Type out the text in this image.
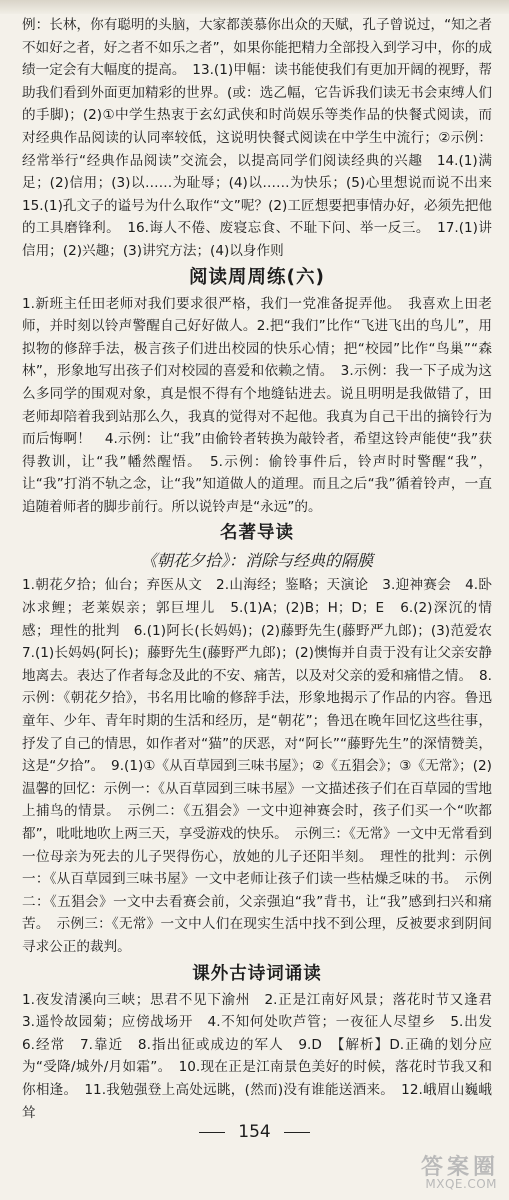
例：长林，你有聪明的头脑，大家都羡慕你出众的天赋，孔子曾说过，“知之者不如好之者，好之者不如乐之者”，如果你能把精力全部投入到学习中，你的成绩一定会有大幅度的提高。　13.(1)甲幅：读书能使我们有更加开阔的视野，帮助我们看到外面更加精彩的世界。(或：选乙幅，它告诉我们读无书会束缚人们的手脚)；(2)①中学生热衷于玄幻武侠和时尚娱乐等类作品的快餐式阅读，而对经典作品阅读的认同率较低，这说明快餐式阅读在中学生中流行；②示例：经常举行“经典作品阅读”交流会，以提高同学们阅读经典的兴趣　14.(1)满足；(2)信用；(3)以……为耻辱；(4)以……为快乐；(5)心里想说而说不出来　15.(1)孔文子的谥号为什么取作“文”呢？(2)工匠想要把事情办好，必须先把他的工具磨锋利。　16.诲人不倦、废寝忘食、不耻下问、举一反三。　17.(1)讲信用；(2)兴趣；(3)讲究方法；(4)以身作则

阅读周周练(六)

1.新班主任田老师对我们要求很严格，我们一党准备捉弄他。　我喜欢上田老师，并时刻以铃声警醒自己好好做人。2.把“我们”比作“飞进飞出的鸟儿”，用拟物的修辞手法，极言孩子们进出校园的快乐心情；把“校园”比作“鸟巢”“森林”，形象地写出孩子们对校园的喜爱和依赖之情。　3.示例：我一下子成为这么多同学的围观对象，真是恨不得有个地缝钻进去。说且明明是我做错了，田老师却陪着我到站那么久，我真的觉得对不起他。我真为自己干出的摘铃行为而后悔啊！　4.示例：让“我”由偷铃者转换为敲铃者，希望这铃声能使“我”获得教训，让“我”幡然醒悟。　5.示例：偷铃事件后，铃声时时警醒“我”，让“我”打消不轨之念，让“我”知道做人的道理。而且之后“我”循着铃声，一直追随着师者的脚步前行。所以说铃声是“永远”的。

名著导读

《朝花夕拾》：消除与经典的隔膜

1.朝花夕拾；仙台；弃医从文　2.山海经；鉴略；天演论　3.迎神赛会　4.卧冰求鲤；老莱娱亲；郭巨埋儿　5.(1)A；(2)B；H；D；E　6.(2)深沉的情感；理性的批判　6.(1)阿长(长妈妈)；(2)藤野先生(藤野严九郎)；(3)范爱农　7.(1)长妈妈(阿长)；藤野先生(藤野严九郎)；(2)懊悔并自责于没有让父亲安静地离去。表达了作者每念及此的不安、痛苦，以及对父亲的爱和痛惜之情。　8.示例：《朝花夕拾》，书名用比喻的修辞手法，形象地揭示了作品的内容。鲁迅童年、少年、青年时期的生活和经历，是“朝花”；鲁迅在晚年回忆这些往事，抒发了自己的情思，如作者对“猫”的厌恶，对“阿长”“藤野先生”的深情赞美，这是“夕拾”。　9.(1)①《从百草园到三味书屋》；②《五猖会》；③《无常》；(2)温馨的回忆：示例一：《从百草园到三味书屋》一文描述孩子们在百草园的雪地上捕鸟的情景。　示例二：《五猖会》一文中迎神赛会时，孩子们买一个“吹都都”，吡吡地吹上两三天，享受游戏的快乐。　示例三：《无常》一文中无常看到一位母亲为死去的儿子哭得伤心，放她的儿子还阳半刻。　理性的批判：示例一：《从百草园到三味书屋》一文中老师让孩子们读一些枯燥乏味的书。　示例二：《五猖会》一文中去看赛会前，父亲强迫“我”背书，让“我”感到扫兴和痛苦。　示例三：《无常》一文中人们在现实生活中找不到公理，反被要求到阴间寻求公正的裁判。

课外古诗词诵读

1.夜发清溪向三峡；思君不见下渝州　2.正是江南好风景；落花时节又逢君　3.遥怜故园菊；应傍战场开　4.不知何处吹芦管；一夜征人尽望乡　5.出发　6.经常　7.靠近　8.指出征或成边的军人　9.D　【解析】D.正确的划分应为“受降/城外/月如霜”。　10.现在正是江南景色美好的时候，落花时节我又和你相逢。　11.我勉强登上高处远眺，(然而)没有谁能送酒来。　12.峨眉山巍峨耸

154
答案圈
MXQE.COM
